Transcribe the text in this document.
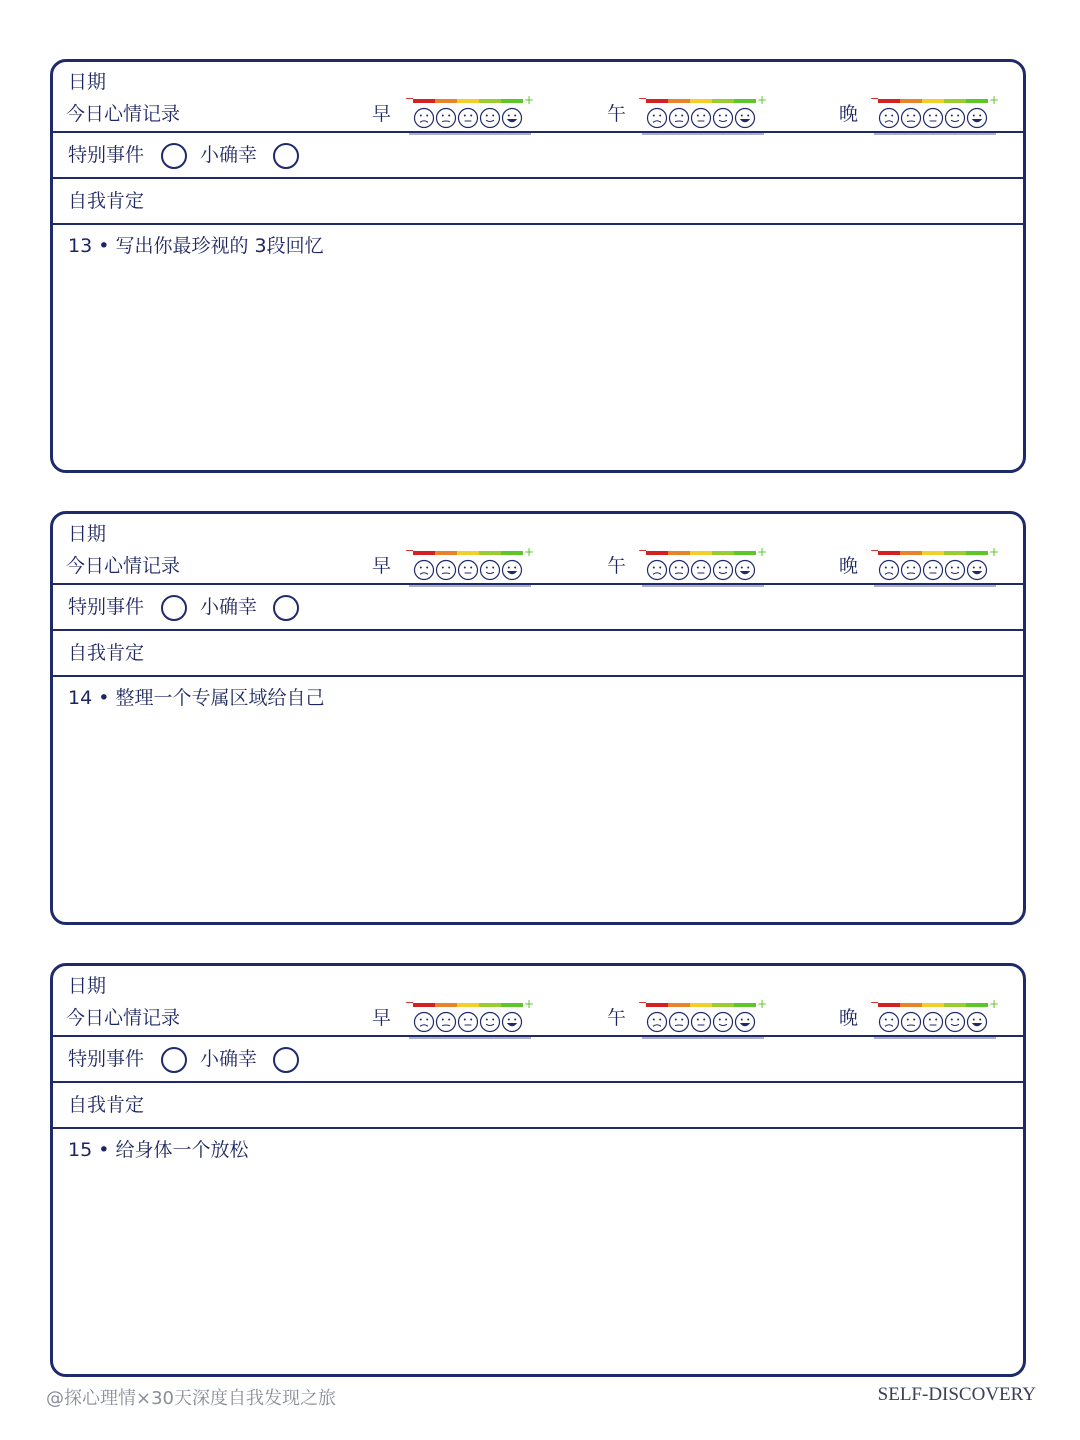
日期
今日心情记录	早
−	+
午
−	+
晚
−	+
特别事件	小确幸
自我肯定
13 • 写出你最珍视的 3段回忆
日期
今日心情记录	早
−	+
午
−	+
晚
−	+
特别事件	小确幸
自我肯定
14 • 整理一个专属区域给自己
日期
今日心情记录	早
−	+
午
−	+
晚
−	+
特别事件	小确幸
自我肯定
15 • 给身体一个放松
@探心理情×30天深度自我发现之旅	SELF-DISCOVERY
